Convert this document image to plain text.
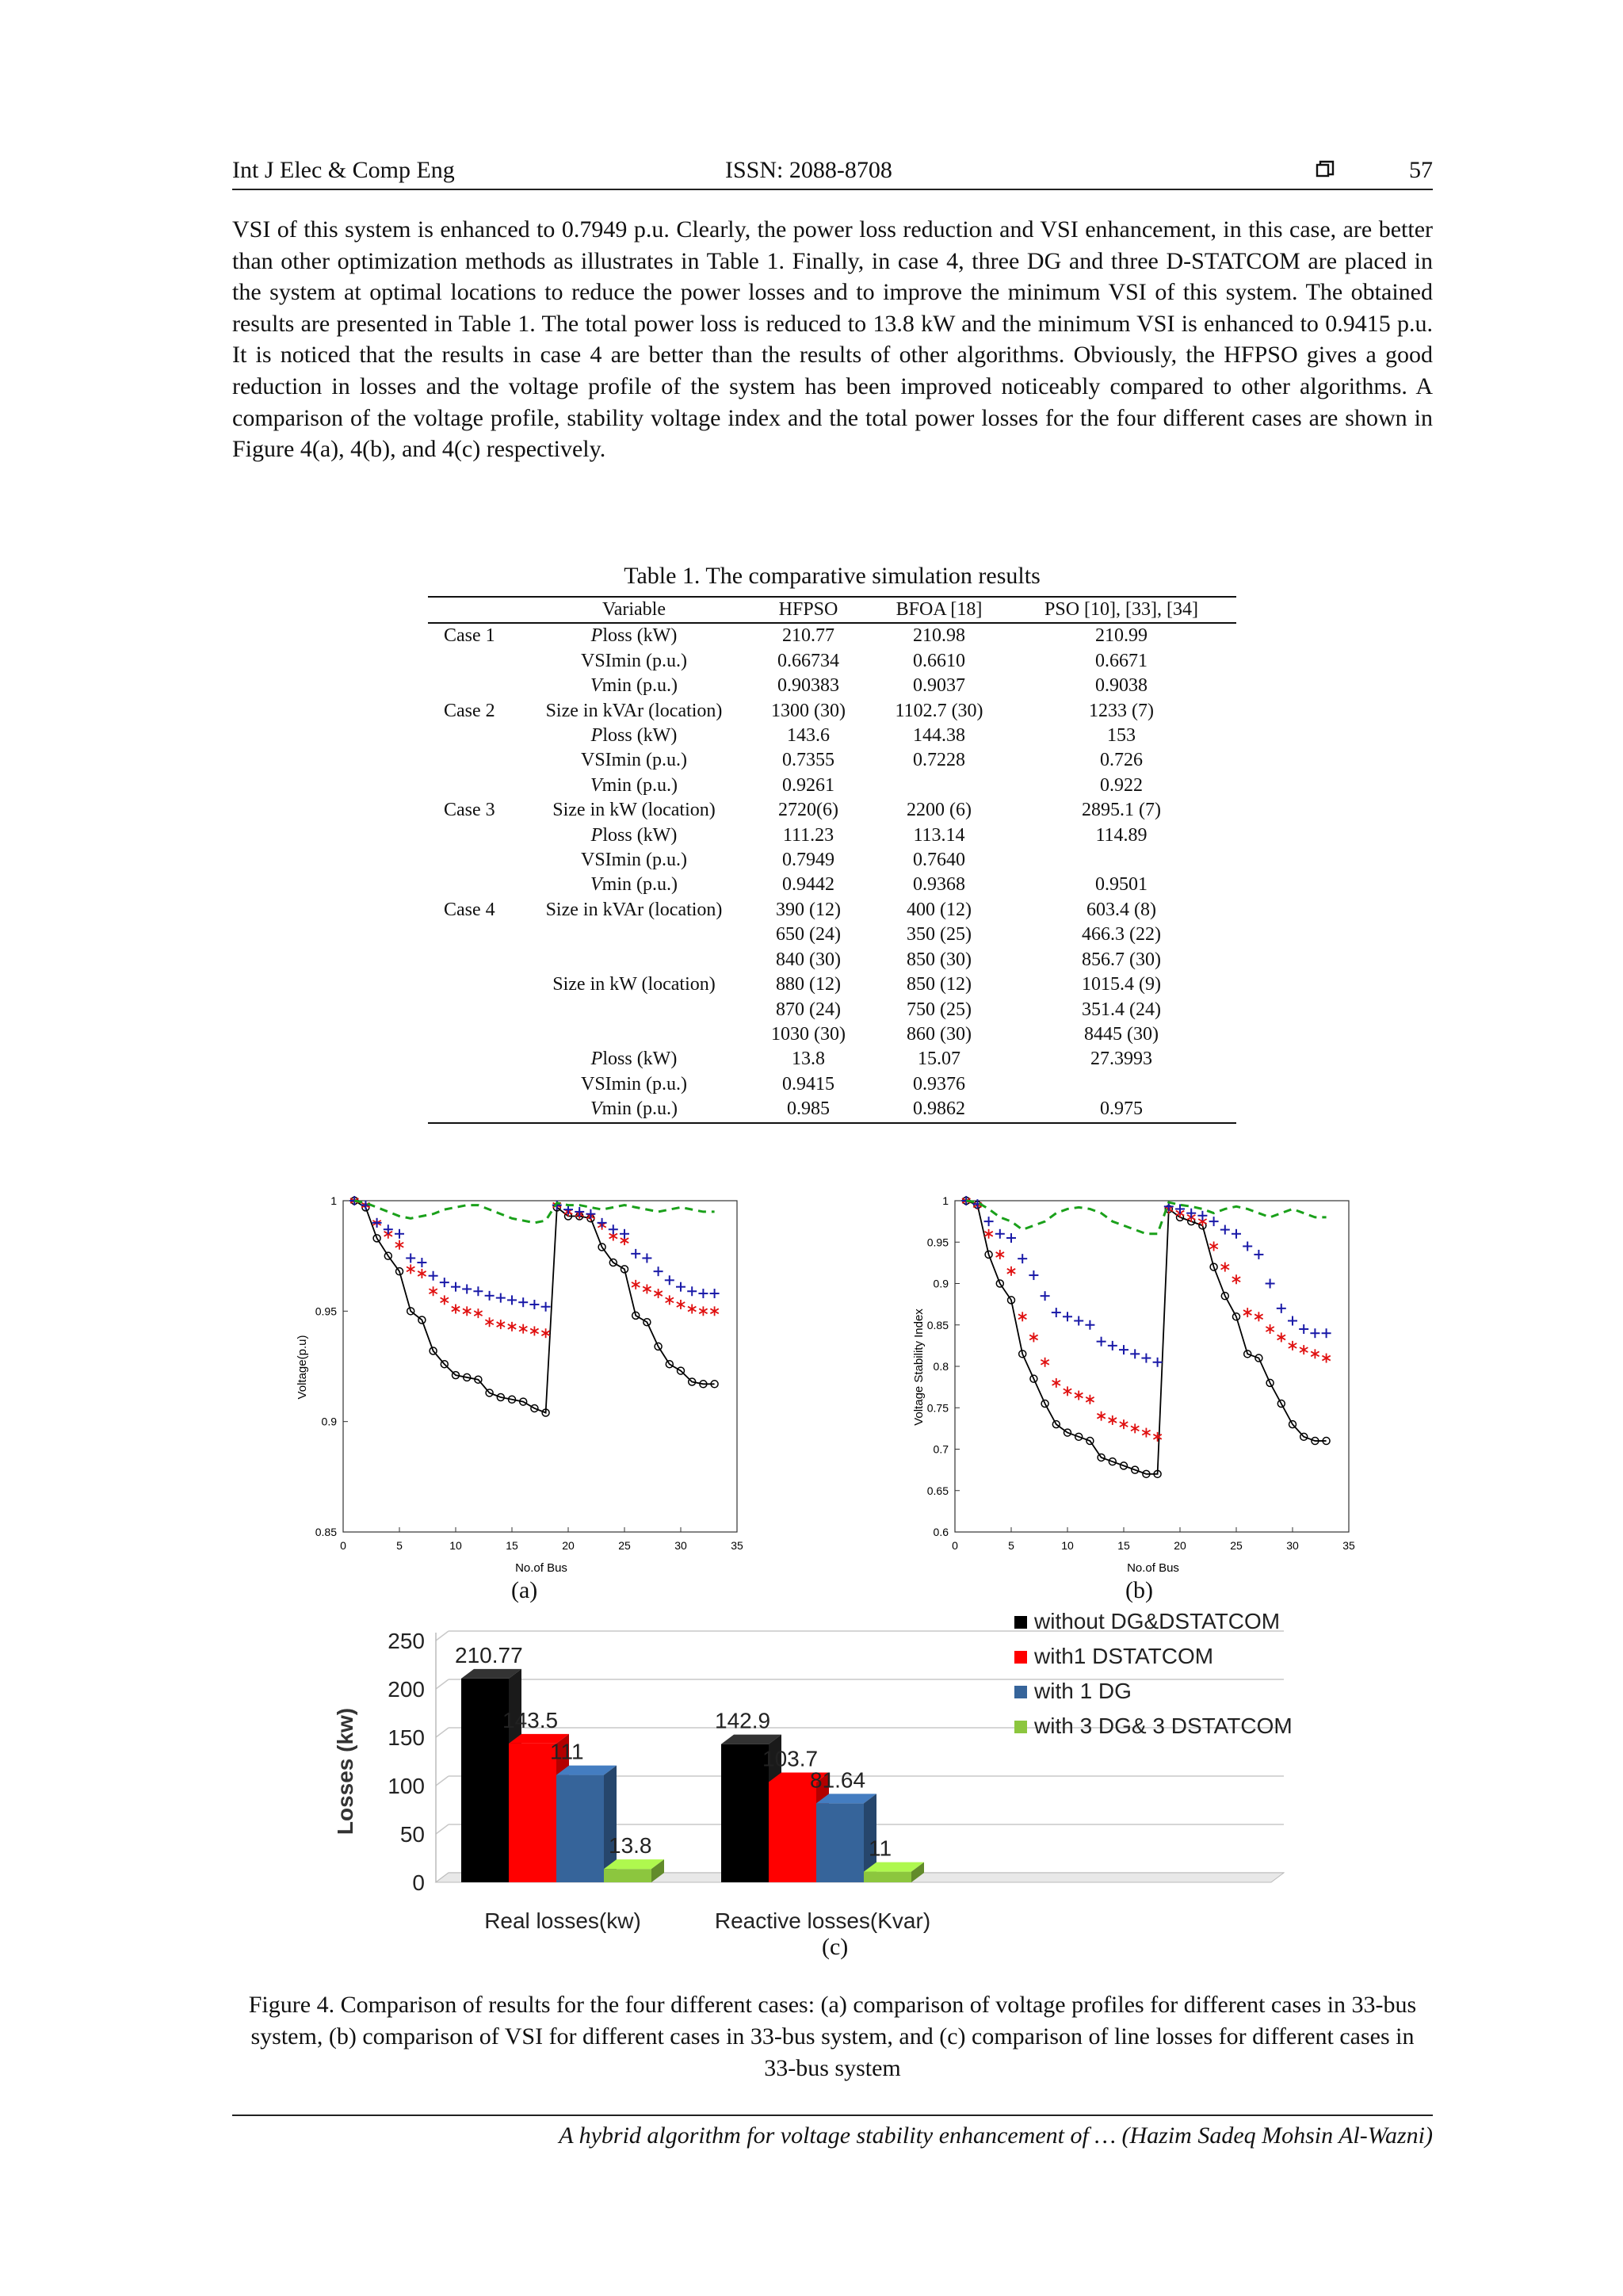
Int J Elec & Comp Eng	ISSN: 2088-8708	57

VSI of this system is enhanced to 0.7949 p.u. Clearly, the power loss reduction and VSI enhancement, in this case, are better than other optimization methods as illustrates in Table 1. Finally, in case 4, three DG and three D-STATCOM are placed in the system at optimal locations to reduce the power losses and to improve the minimum VSI of this system. The obtained results are presented in Table 1. The total power loss is reduced to 13.8 kW and the minimum VSI is enhanced to 0.9415 p.u. It is noticed that the results in case 4 are better than the results of other algorithms. Obviously, the HFPSO gives a good reduction in losses and the voltage profile of the system has been improved noticeably compared to other algorithms. A comparison of the voltage profile, stability voltage index and the total power losses for the four different cases are shown in Figure 4(a), 4(b), and 4(c) respectively.

Table 1. The comparative simulation results
	Variable	HFPSO	BFOA [18]	PSO [10], [33], [34]
Case 1	Ploss (kW)	210.77	210.98	210.99
	VSImin (p.u.)	0.66734	0.6610	0.6671
	Vmin (p.u.)	0.90383	0.9037	0.9038
Case 2	Size in kVAr (location)	1300 (30)	1102.7 (30)	1233 (7)
	Ploss (kW)	143.6	144.38	153
	VSImin (p.u.)	0.7355	0.7228	0.726
	Vmin (p.u.)	0.9261		0.922
Case 3	Size in kW (location)	2720(6)	2200 (6)	2895.1 (7)
	Ploss (kW)	111.23	113.14	114.89
	VSImin (p.u.)	0.7949	0.7640	
	Vmin (p.u.)	0.9442	0.9368	0.9501
Case 4	Size in kVAr (location)	390 (12)	400 (12)	603.4 (8)
		650 (24)	350 (25)	466.3 (22)
		840 (30)	850 (30)	856.7 (30)
	Size in kW (location)	880 (12)	850 (12)	1015.4 (9)
		870 (24)	750 (25)	351.4 (24)
		1030 (30)	860 (30)	8445 (30)
	Ploss (kW)	13.8	15.07	27.3993
	VSImin (p.u.)	0.9415	0.9376	
	Vmin (p.u.)	0.985	0.9862	0.975
0	5	10	15	20	25	30	35
0.85
0.9
0.95
1
No.of Bus
Voltage(p.u)
(a)
0	5	10	15	20	25	30	35
0.6
0.65
0.7
0.75
0.8
0.85
0.9
0.95
1
No.of Bus
Voltage Stability Index
(b)
0
50
100
150
200
250
Real losses(kw)	Reactive losses(Kvar)
210.77
143.5
111
13.8
142.9
103.7
81.64
11
Losses (kw)
without DG&DSTATCOM
with1 DSTATCOM
with 1 DG
with 3 DG& 3 DSTATCOM
(c)

Figure 4. Comparison of results for the four different cases: (a) comparison of voltage profiles for different cases in 33-bus system, (b) comparison of VSI for different cases in 33-bus system, and (c) comparison of line losses for different cases in 33-bus system

A hybrid algorithm for voltage stability enhancement of … (Hazim Sadeq Mohsin Al-Wazni)
